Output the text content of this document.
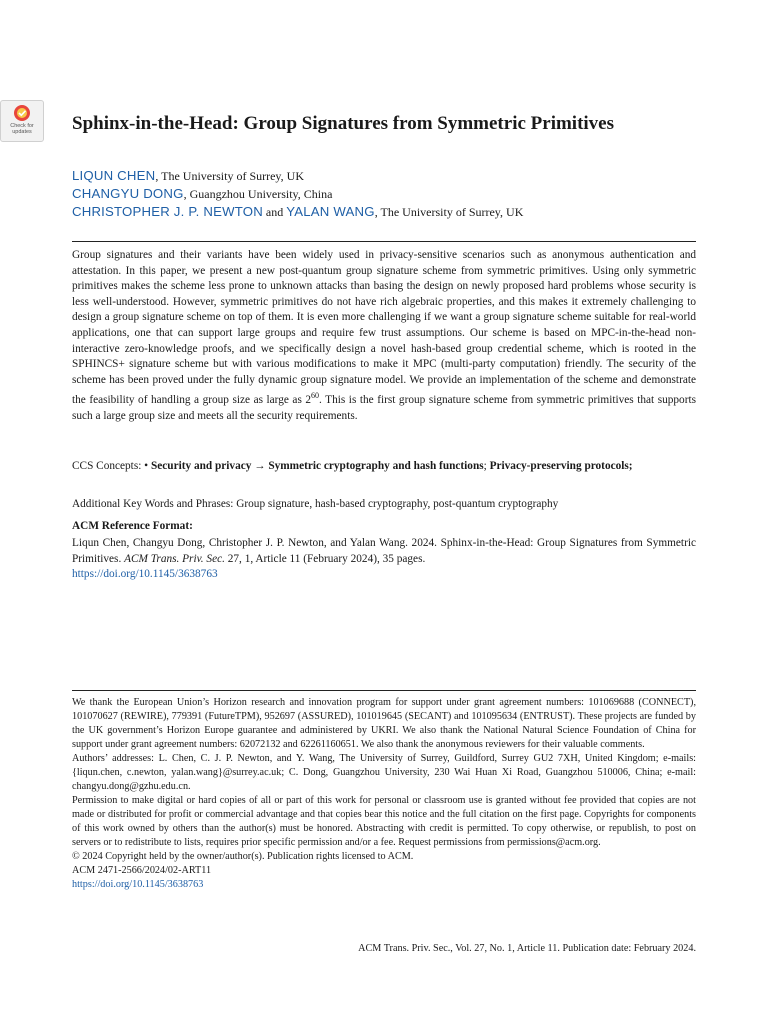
Check for
updates	Sphinx-in-the-Head: Group Signatures from Symmetric Primitives
LIQUN CHEN, The University of Surrey, UK
CHANGYU DONG, Guangzhou University, China
CHRISTOPHER J. P. NEWTON and YALAN WANG, The University of Surrey, UK
Group signatures and their variants have been widely used in privacy-sensitive scenarios such as anonymous authentication and attestation. In this paper, we present a new post-quantum group signature scheme from symmetric primitives. Using only symmetric primitives makes the scheme less prone to unknown attacks than basing the design on newly proposed hard problems whose security is less well-understood. However, symmetric primitives do not have rich algebraic properties, and this makes it extremely challenging to design a group signature scheme on top of them. It is even more challenging if we want a group signature scheme suitable for real-world applications, one that can support large groups and require few trust assumptions. Our scheme is based on MPC-in-the-head non-interactive zero-knowledge proofs, and we specifically design a novel hash-based group credential scheme, which is rooted in the SPHINCS+ signature scheme but with various modifications to make it MPC (multi-party computation) friendly. The security of the scheme has been proved under the fully dynamic group signature model. We provide an implementation of the scheme and demonstrate the feasibility of handling a group size as large as $2^{60}$. This is the first group signature scheme from symmetric primitives that supports such a large group size and meets all the security requirements.
CCS Concepts: • Security and privacy → Symmetric cryptography and hash functions; Privacy-preserving protocols;
Additional Key Words and Phrases: Group signature, hash-based cryptography, post-quantum cryptography
ACM Reference Format:
Liqun Chen, Changyu Dong, Christopher J. P. Newton, and Yalan Wang. 2024. Sphinx-in-the-Head: Group Signatures from Symmetric Primitives. ACM Trans. Priv. Sec. 27, 1, Article 11 (February 2024), 35 pages.
https://doi.org/10.1145/3638763

We thank the European Union’s Horizon research and innovation program for support under grant agreement numbers: 101069688 (CONNECT), 101070627 (REWIRE), 779391 (FutureTPM), 952697 (ASSURED), 101019645 (SECANT) and 101095634 (ENTRUST). These projects are funded by the UK government’s Horizon Europe guarantee and administered by UKRI. We also thank the National Natural Science Foundation of China for support under grant agreement numbers: 62072132 and 62261160651. We also thank the anonymous reviewers for their valuable comments.

Authors’ addresses: L. Chen, C. J. P. Newton, and Y. Wang, The University of Surrey, Guildford, Surrey GU2 7XH, United Kingdom; e-mails: {liqun.chen, c.newton, yalan.wang}@surrey.ac.uk; C. Dong, Guangzhou University, 230 Wai Huan Xi Road, Guangzhou 510006, China; e-mail: changyu.dong@gzhu.edu.cn.

Permission to make digital or hard copies of all or part of this work for personal or classroom use is granted without fee provided that copies are not made or distributed for profit or commercial advantage and that copies bear this notice and the full citation on the first page. Copyrights for components of this work owned by others than the author(s) must be honored. Abstracting with credit is permitted. To copy otherwise, or republish, to post on servers or to redistribute to lists, requires prior specific permission and/or a fee. Request permissions from permissions@acm.org.

© 2024 Copyright held by the owner/author(s). Publication rights licensed to ACM.

ACM 2471-2566/2024/02-ART11

https://doi.org/10.1145/3638763

ACM Trans. Priv. Sec., Vol. 27, No. 1, Article 11. Publication date: February 2024.
